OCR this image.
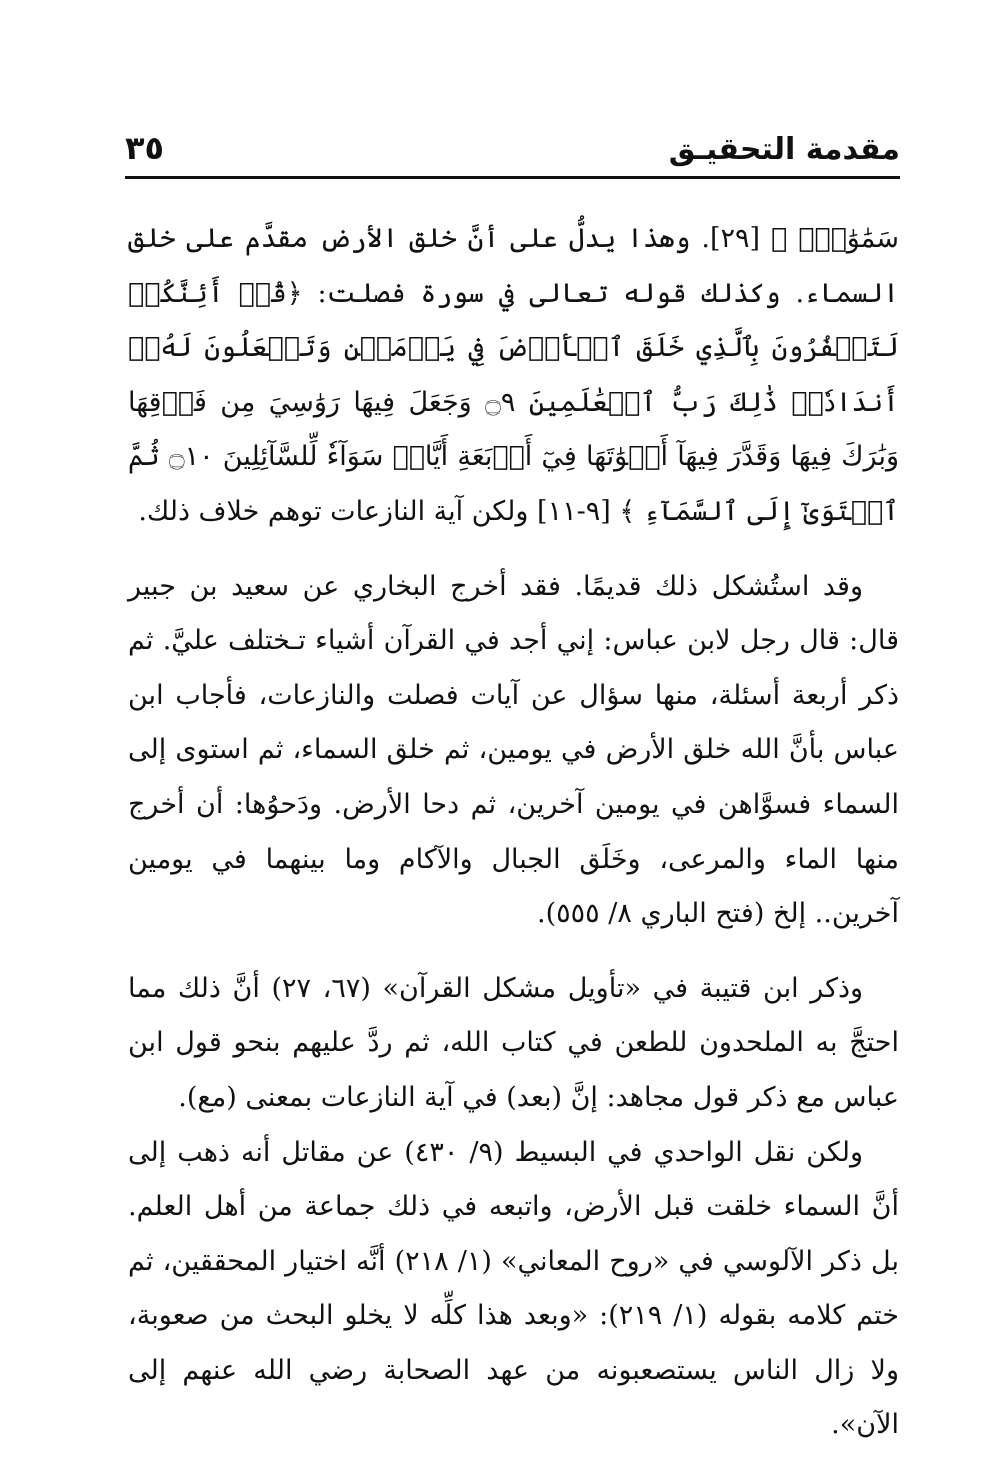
مقدمة التحقيـق
٣٥

سَمَٰوَٰتٍۚ ﴾ [٢٩]. وهذا يدلُّ على أنَّ خلق الأرض مقدَّم على خلق السماء. وكذلك قوله تعالى في سورة فصلت: ﴿قُلۡ أَئِنَّكُمۡ لَتَكۡفُرُونَ بِٱلَّذِي خَلَقَ ٱلۡأَرۡضَ فِي يَوۡمَيۡنِ وَتَجۡعَلُونَ لَهُۥٓ أَندَادٗاۚ ذَٰلِكَ رَبُّ ٱلۡعَٰلَمِينَ ۝٩ وَجَعَلَ فِيهَا رَوَٰسِيَ مِن فَوۡقِهَا وَبَٰرَكَ فِيهَا وَقَدَّرَ فِيهَآ أَقۡوَٰتَهَا فِيٓ أَرۡبَعَةِ أَيَّامٖ سَوَآءٗ لِّلسَّآئِلِينَ ۝١٠ ثُمَّ ٱسۡتَوَىٰٓ إِلَى ٱلسَّمَآءِ ﴾ [٩-١١] ولكن آية النازعات توهم خلاف ذلك.

وقد استُشكل ذلك قديمًا. فقد أخرج البخاري عن سعيد بن جبير قال: قال رجل لابن عباس: إني أجد في القرآن أشياء تـختلف عليَّ. ثم ذكر أربعة أسئلة، منها سؤال عن آيات فصلت والنازعات، فأجاب ابن عباس بأنَّ الله خلق الأرض في يومين، ثم خلق السماء، ثم استوى إلى السماء فسوَّاهن في يومين آخرين، ثم دحا الأرض. ودَحوُها: أن أخرج منها الماء والمرعى، وخَلَق الجبال والآكام وما بينهما في يومين آخرين.. إلخ (فتح الباري ٨/ ٥٥٥).

وذكر ابن قتيبة في «تأويل مشكل القرآن» (٦٧، ٢٧) أنَّ ذلك مما احتجَّ به الملحدون للطعن في كتاب الله، ثم ردَّ عليهم بنحو قول ابن عباس مع ذكر قول مجاهد: إنَّ (بعد) في آية النازعات بمعنى (مع).

ولكن نقل الواحدي في البسيط (٩/ ٤٣٠) عن مقاتل أنه ذهب إلى أنَّ السماء خلقت قبل الأرض، واتبعه في ذلك جماعة من أهل العلم. بل ذكر الآلوسي في «روح المعاني» (١/ ٢١٨) أنَّه اختيار المحققين، ثم ختم كلامه بقوله (١/ ٢١٩): «وبعد هذا كلِّه لا يخلو البحث من صعوبة، ولا زال الناس يستصعبونه من عهد الصحابة رضي الله عنهم إلى الآن».
